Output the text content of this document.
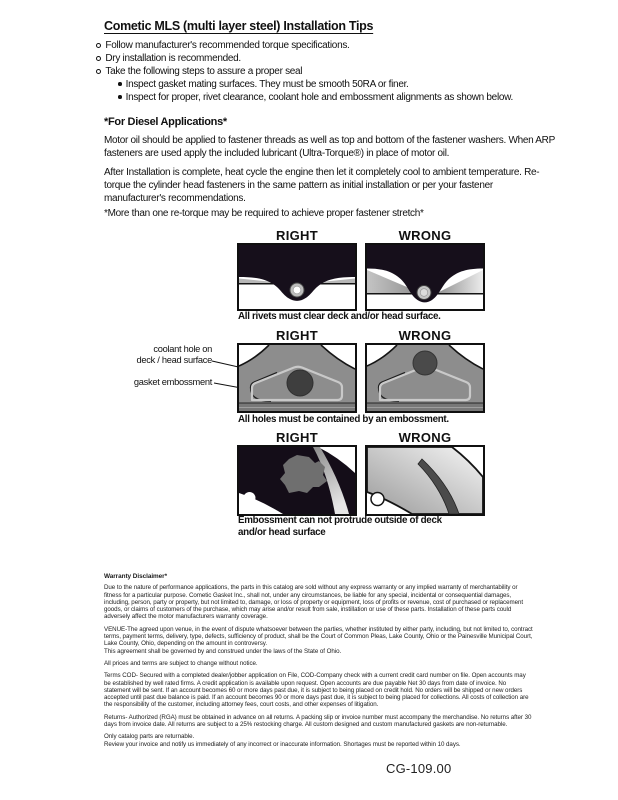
Cometic MLS (multi layer steel) Installation Tips
Follow manufacturer's recommended torque specifications.
Dry installation is recommended.
Take the following steps to assure a proper seal
Inspect gasket mating surfaces. They must be smooth 50RA or finer.
Inspect for proper, rivet clearance, coolant hole and embossment alignments as shown below.
*For Diesel Applications*
Motor oil should be applied to fastener threads as well as top and bottom of the fastener washers. When ARP fasteners are used apply the included lubricant (Ultra-Torque®) in place of motor oil.
After Installation is complete, heat cycle the engine then let it completely cool to ambient temperature. Re-torque the cylinder head fasteners in the same pattern as initial installation or per your fastener manufacturer's recommendations.
*More than one re-torque may be required to achieve proper fastener stretch*
RIGHT	WRONG
All rivets must clear deck and/or head surface.
RIGHT	WRONG
coolant hole on
deck / head surface
gasket embossment
All holes must be contained by an embossment.
RIGHT	WRONG
Embossment can not protrude outside of deck
and/or head surface
Warranty Disclaimer*

Due to the nature of performance applications, the parts in this catalog are sold without any express warranty or any implied warranty of merchantability or fitness for a particular purpose. Cometic Gasket Inc., shall not, under any circumstances, be liable for any special, incidental or consequential damages, including, person, party or property, but not limited to, damage, or loss of property or equipment, loss of profits or revenue, cost of purchased or replacement goods, or claims of customers of the purchase, which may arise and/or result from sale, instillation or use of these parts. Installation of these parts could adversely affect the motor manufacturers warranty coverage.

VENUE-The agreed upon venue, in the event of dispute whatsoever between the parties, whether instituted by either party, including, but not limited to, contract terms, payment terms, delivery, type, defects, sufficiency of product, shall be the Court of Common Pleas, Lake County, Ohio or the Painesville Municipal Court, Lake County, Ohio, depending on the amount in controversy.

This agreement shall be governed by and construed under the laws of the State of Ohio.

All prices and terms are subject to change without notice.

Terms COD- Secured with a completed dealer/jobber application on File, COD-Company check with a current credit card number on file. Open accounts may be established by well rated firms. A credit application is available upon request. Open accounts are due payable Net 30 days from date of invoice. No statement will be sent. If an account becomes 60 or more days past due, it is subject to being placed on credit hold. No orders will be shipped or new orders accepted until past due balance is paid. If an account becomes 90 or more days past due, it is subject to being placed for collections. All costs of collection are the responsibility of the customer, including attorney fees, court costs, and other expenses of litigation.

Returns- Authorized (RGA) must be obtained in advance on all returns. A packing slip or invoice number must accompany the merchandise. No returns after 30 days from invoice date. All returns are subject to a 25% restocking charge. All custom designed and custom manufactured gaskets are non-returnable.

Only catalog parts are returnable.

Review your invoice and notify us immediately of any incorrect or inaccurate information. Shortages must be reported within 10 days.

CG-109.00
